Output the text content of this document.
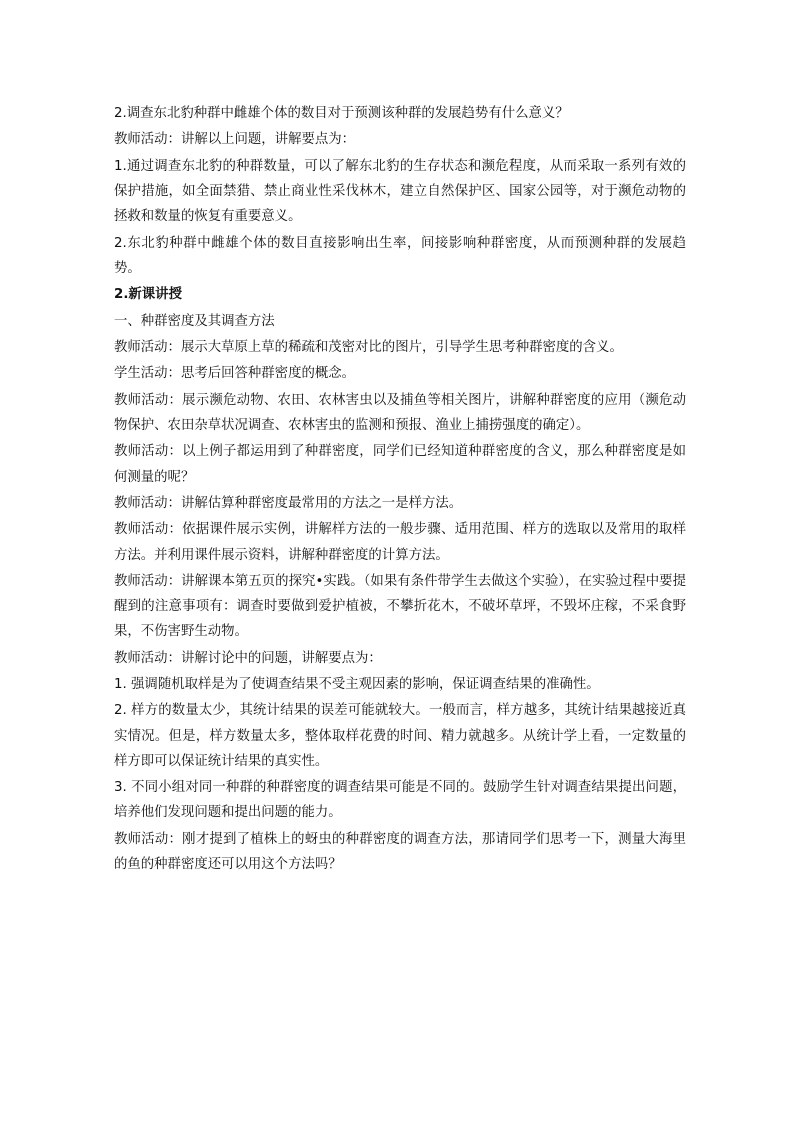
2.调查东北豹种群中雌雄个体的数目对于预测该种群的发展趋势有什么意义？

教师活动：讲解以上问题，讲解要点为：

1.通过调查东北豹的种群数量，可以了解东北豹的生存状态和濒危程度，从而采取一系列有效的保护措施，如全面禁猎、禁止商业性采伐林木，建立自然保护区、国家公园等，对于濒危动物的拯救和数量的恢复有重要意义。

2.东北豹种群中雌雄个体的数目直接影响出生率，间接影响种群密度，从而预测种群的发展趋势。

2.新课讲授

一、种群密度及其调查方法

教师活动：展示大草原上草的稀疏和茂密对比的图片，引导学生思考种群密度的含义。

学生活动：思考后回答种群密度的概念。

教师活动：展示濒危动物、农田、农林害虫以及捕鱼等相关图片，讲解种群密度的应用（濒危动物保护、农田杂草状况调查、农林害虫的监测和预报、渔业上捕捞强度的确定）。

教师活动：以上例子都运用到了种群密度，同学们已经知道种群密度的含义，那么种群密度是如何测量的呢？

教师活动：讲解估算种群密度最常用的方法之一是样方法。

教师活动：依据课件展示实例，讲解样方法的一般步骤、适用范围、样方的选取以及常用的取样方法。并利用课件展示资料，讲解种群密度的计算方法。

教师活动：讲解课本第五页的探究•实践。（如果有条件带学生去做这个实验），在实验过程中要提醒到的注意事项有：调查时要做到爱护植被，不攀折花木，不破坏草坪，不毁坏庄稼，不采食野果，不伤害野生动物。

教师活动：讲解讨论中的问题，讲解要点为：

1. 强调随机取样是为了使调查结果不受主观因素的影响，保证调查结果的准确性。

2. 样方的数量太少，其统计结果的误差可能就较大。一般而言，样方越多，其统计结果越接近真实情况。但是，样方数量太多，整体取样花费的时间、精力就越多。从统计学上看，一定数量的样方即可以保证统计结果的真实性。

3. 不同小组对同一种群的种群密度的调查结果可能是不同的。鼓励学生针对调查结果提出问题，培养他们发现问题和提出问题的能力。

教师活动：刚才提到了植株上的蚜虫的种群密度的调查方法，那请同学们思考一下，测量大海里的鱼的种群密度还可以用这个方法吗？
